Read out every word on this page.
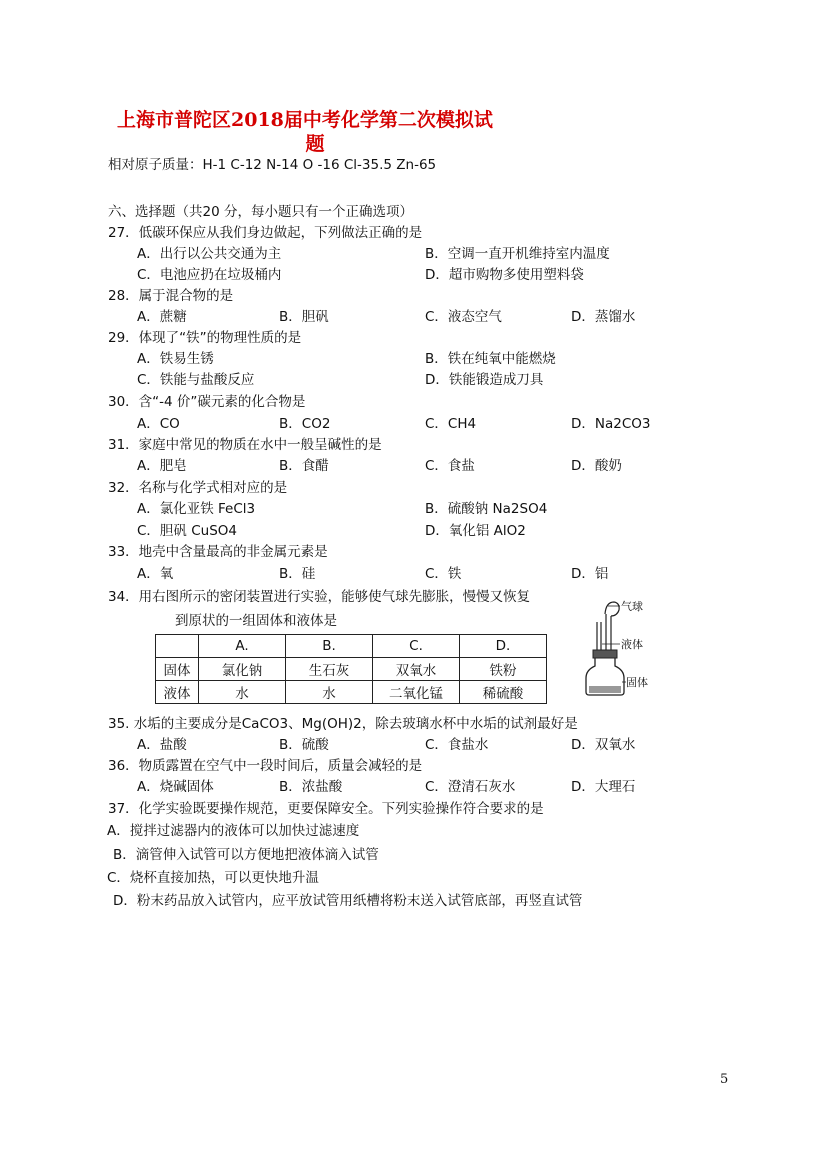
上海市普陀区2018届中考化学第二次模拟试
题
相对原子质量：H-1 C-12 N-14 O -16 Cl-35.5 Zn-65
六、选择题（共20 分，每小题只有一个正确选项）
27．低碳环保应从我们身边做起，下列做法正确的是
A．出行以公共交通为主	B．空调一直开机维持室内温度
C．电池应扔在垃圾桶内	D．超市购物多使用塑料袋
28．属于混合物的是
A．蔗糖	B．胆矾	C．液态空气	D．蒸馏水
29．体现了“铁”的物理性质的是
A．铁易生锈	B．铁在纯氧中能燃烧
C．铁能与盐酸反应	D．铁能锻造成刀具
30．含“-4 价”碳元素的化合物是
A．CO	B．CO2	C．CH4	D．Na2CO3
31．家庭中常见的物质在水中一般呈碱性的是
A．肥皂	B．食醋	C．食盐	D．酸奶
32．名称与化学式相对应的是
A．氯化亚铁 FeCl3	B．硫酸钠 Na2SO4
C．胆矾 CuSO4	D．氧化铝 AlO2
33．地壳中含量最高的非金属元素是
A．氧	B．硅	C．铁	D．铝
34．用右图所示的密闭装置进行实验，能够使气球先膨胀，慢慢又恢复
到原状的一组固体和液体是
	A.	B.	C.	D.
固体	氯化钠	生石灰	双氧水	铁粉
液体	水	水	二氧化锰	稀硫酸
气球
液体
固体
35. 水垢的主要成分是CaCO3、Mg(OH)2，除去玻璃水杯中水垢的试剂最好是
A．盐酸	B．硫酸	C．食盐水	D．双氧水
36．物质露置在空气中一段时间后，质量会减轻的是
A．烧碱固体	B．浓盐酸	C．澄清石灰水	D．大理石
37．化学实验既要操作规范，更要保障安全。下列实验操作符合要求的是
A．搅拌过滤器内的液体可以加快过滤速度
B．滴管伸入试管可以方便地把液体滴入试管
C．烧杯直接加热，可以更快地升温
D．粉末药品放入试管内，应平放试管用纸槽将粉末送入试管底部，再竖直试管
5
